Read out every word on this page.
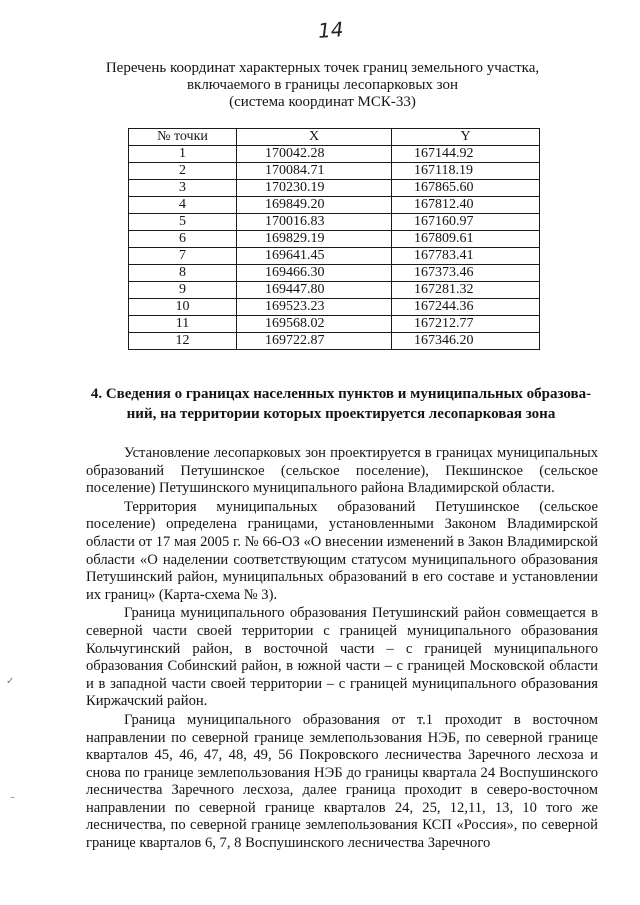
14
Перечень координат характерных точек границ земельного участка,
включаемого в границы лесопарковых зон
(система координат МСК-33)
№ точки	X	Y
1	170042.28	167144.92
2	170084.71	167118.19
3	170230.19	167865.60
4	169849.20	167812.40
5	170016.83	167160.97
6	169829.19	167809.61
7	169641.45	167783.41
8	169466.30	167373.46
9	169447.80	167281.32
10	169523.23	167244.36
11	169568.02	167212.77
12	169722.87	167346.20
4. Сведения о границах населенных пунктов и муниципальных образова-
ний, на территории которых проектируется лесопарковая зона

Установление лесопарковых зон проектируется в границах муниципальных образований Петушинское (сельское поселение), Пекшинское (сельское поселение) Петушинского муниципального района Владимирской области.

Территория муниципальных образований Петушинское (сельское поселение) определена границами, установленными Законом Владимирской области от 17 мая 2005 г. № 66-ОЗ «О внесении изменений в Закон Владимирской области «О наделении соответствующим статусом муниципального образования Петушинский район, муниципальных образований в его составе и установлении их границ» (Карта-схема № 3).

Граница муниципального образования Петушинский район совмещается в северной части своей территории с границей муниципального образования Кольчугинский район, в восточной части – с границей муниципального образования Собинский район, в южной части – с границей Московской области и в западной части своей территории – с границей муниципального образования Киржачский район.

Граница муниципального образования от т.1 проходит в восточном направлении по северной границе землепользования НЭБ, по северной границе кварталов 45, 46, 47, 48, 49, 56 Покровского лесничества Заречного лесхоза и снова по границе землепользования НЭБ до границы квартала 24 Воспушинского лесничества Заречного лесхоза, далее граница проходит в северо-восточном направлении по северной границе кварталов 24, 25, 12,11, 13, 10 того же лесничества, по северной границе землепользования КСП «Россия», по северной границе кварталов 6, 7, 8 Воспушинского лесничества Заречного

✓
–
